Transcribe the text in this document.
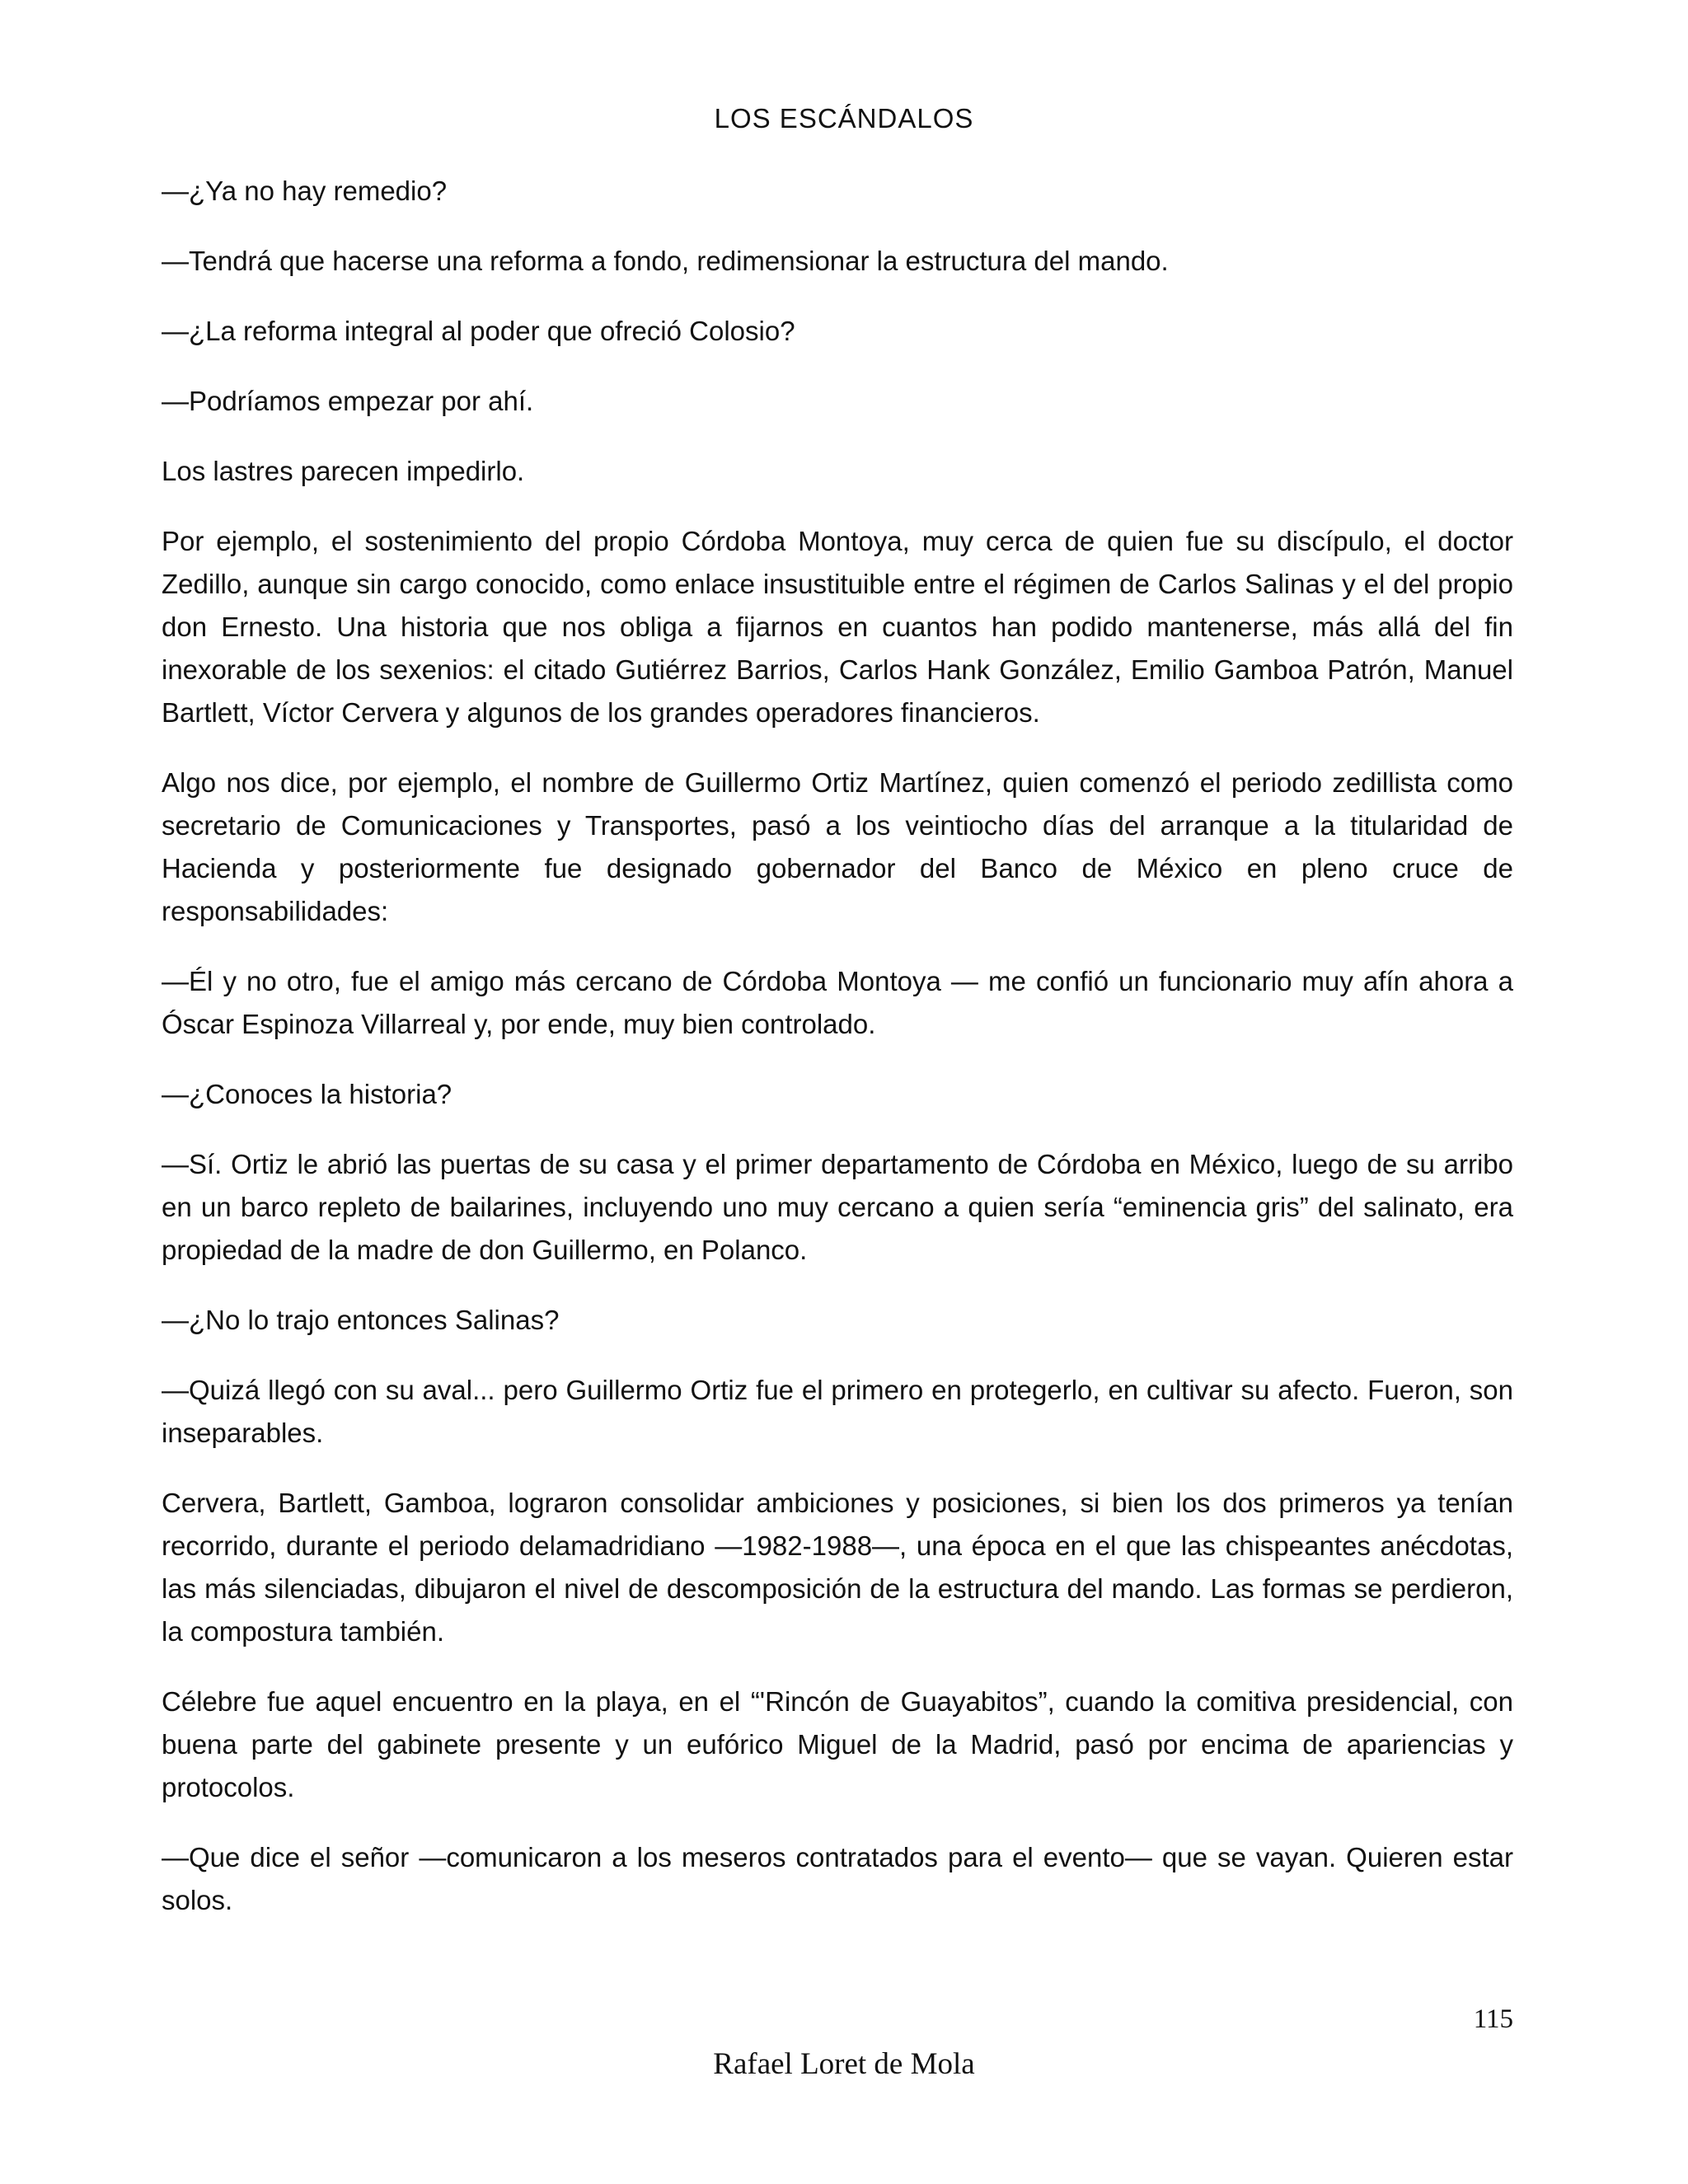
LOS ESCÁNDALOS

—¿Ya no hay remedio?

—Tendrá que hacerse una reforma a fondo, redimensionar la estructura del mando.

—¿La reforma integral al poder que ofreció Colosio?

—Podríamos empezar por ahí.

Los lastres parecen impedirlo.

Por ejemplo, el sostenimiento del propio Córdoba Montoya, muy cerca de quien fue su discípulo, el doctor Zedillo, aunque sin cargo conocido, como enlace insustituible entre el régimen de Carlos Salinas y el del propio don Ernesto. Una historia que nos obliga a fijarnos en cuantos han podido mantenerse, más allá del fin inexorable de los sexenios: el citado Gutiérrez Barrios, Carlos Hank González, Emilio Gamboa Patrón, Manuel Bartlett, Víctor Cervera y algunos de los grandes operadores financieros.

Algo nos dice, por ejemplo, el nombre de Guillermo Ortiz Martínez, quien comenzó el periodo zedillista como secretario de Comunicaciones y Transportes, pasó a los veintiocho días del arranque a la titularidad de Hacienda y posteriormente fue designado gobernador del Banco de México en pleno cruce de responsabilidades:

—Él y no otro, fue el amigo más cercano de Córdoba Montoya — me confió un funcionario muy afín ahora a Óscar Espinoza Villarreal y, por ende, muy bien controlado.

—¿Conoces la historia?

—Sí. Ortiz le abrió las puertas de su casa y el primer departamento de Córdoba en México, luego de su arribo en un barco repleto de bailarines, incluyendo uno muy cercano a quien sería “eminencia gris” del salinato, era propiedad de la madre de don Guillermo, en Polanco.

—¿No lo trajo entonces Salinas?

—Quizá llegó con su aval... pero Guillermo Ortiz fue el primero en protegerlo, en cultivar su afecto. Fueron, son inseparables.

Cervera, Bartlett, Gamboa, lograron consolidar ambiciones y posiciones, si bien los dos primeros ya tenían recorrido, durante el periodo delamadridiano —1982-1988—, una época en el que las chispeantes anécdotas, las más silenciadas, dibujaron el nivel de descomposición de la estructura del mando. Las formas se perdieron, la compostura también.

Célebre fue aquel encuentro en la playa, en el “'Rincón de Guayabitos”, cuando la comitiva presidencial, con buena parte del gabinete presente y un eufórico Miguel de la Madrid, pasó por encima de apariencias y protocolos.

—Que dice el señor —comunicaron a los meseros contratados para el evento— que se vayan. Quieren estar solos.

115
Rafael Loret de Mola
